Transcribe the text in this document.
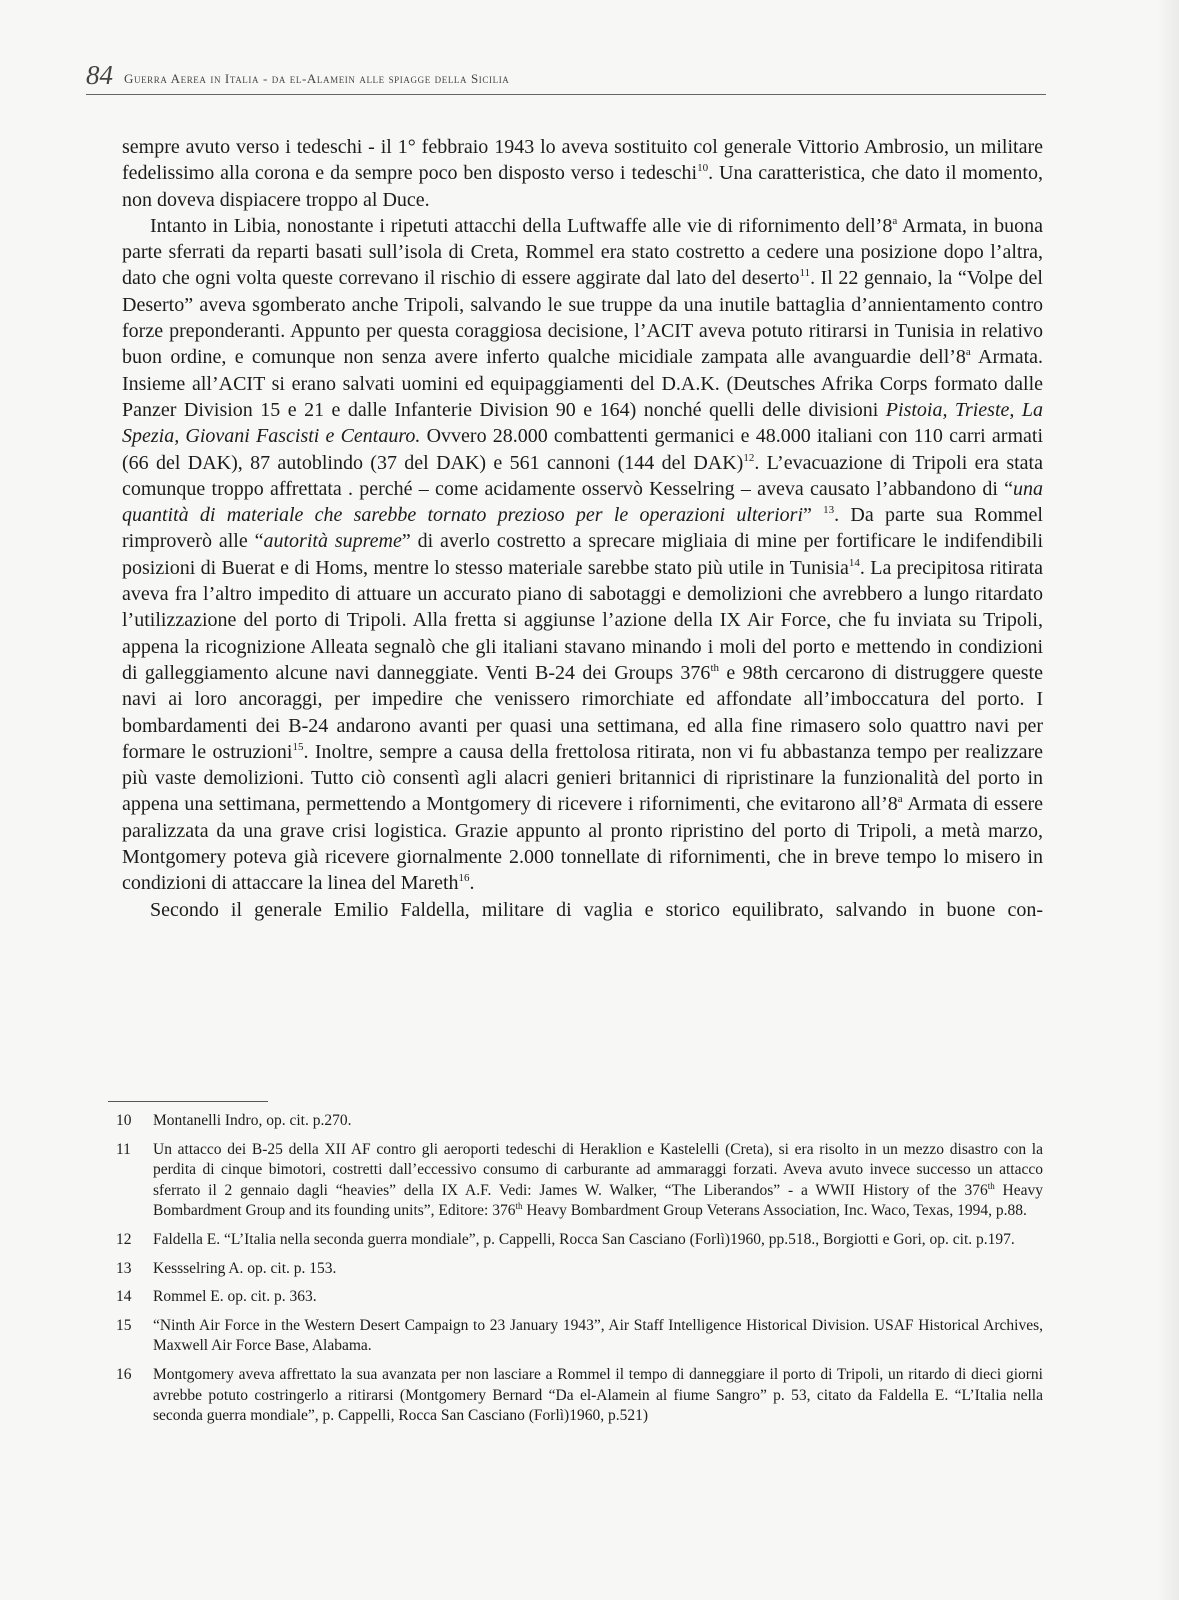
84 Guerra Aerea in Italia - da el-Alamein alle spiagge della Sicilia

sempre avuto verso i tedeschi - il 1° febbraio 1943 lo aveva sostituito col generale Vittorio Ambrosio, un militare fedelissimo alla corona e da sempre poco ben disposto verso i tedeschi$^{10}$. Una caratteristica, che dato il momento, non doveva dispiacere troppo al Duce.

Intanto in Libia, nonostante i ripetuti attacchi della Luftwaffe alle vie di rifornimento dell’8$^a$ Armata, in buona parte sferrati da reparti basati sull’isola di Creta, Rommel era stato costretto a cedere una posizione dopo l’altra, dato che ogni volta queste correvano il rischio di essere aggirate dal lato del deserto$^{11}$. Il 22 gennaio, la “Volpe del Deserto” aveva sgomberato anche Tripoli, salvando le sue truppe da una inutile battaglia d’annientamento contro forze preponderanti. Appunto per questa coraggiosa decisione, l’ACIT aveva potuto ritirarsi in Tunisia in relativo buon ordine, e comunque non senza avere inferto qualche micidiale zampata alle avanguardie dell’8$^a$ Armata. Insieme all’ACIT si erano salvati uomini ed equipaggiamenti del D.A.K. (Deutsches Afrika Corps formato dalle Panzer Division 15 e 21 e dalle Infanterie Division 90 e 164) nonché quelli delle divisioni Pistoia, Trieste, La Spezia, Giovani Fascisti e Centauro. Ovvero 28.000 combattenti germanici e 48.000 italiani con 110 carri armati (66 del DAK), 87 autoblindo (37 del DAK) e 561 cannoni (144 del DAK)$^{12}$. L’evacuazione di Tripoli era stata comunque troppo affrettata . perché – come acidamente osservò Kesselring – aveva causato l’abbandono di “una quantità di materiale che sarebbe tornato prezioso per le operazioni ulteriori” $^{13}$. Da parte sua Rommel rimproverò alle “autorità supreme” di averlo costretto a sprecare migliaia di mine per fortificare le indifendibili posizioni di Buerat e di Homs, mentre lo stesso materiale sarebbe stato più utile in Tunisia$^{14}$. La precipitosa ritirata aveva fra l’altro impedito di attuare un accurato piano di sabotaggi e demolizioni che avrebbero a lungo ritardato l’utilizzazione del porto di Tripoli. Alla fretta si aggiunse l’azione della IX Air Force, che fu inviata su Tripoli, appena la ricognizione Alleata segnalò che gli italiani stavano minando i moli del porto e mettendo in condizioni di galleggiamento alcune navi danneggiate. Venti B-24 dei Groups 376th e 98th cercarono di distruggere queste navi ai loro ancoraggi, per impedire che venissero rimorchiate ed affondate all’imboccatura del porto. I bombardamenti dei B-24 andarono avanti per quasi una settimana, ed alla fine rimasero solo quattro navi per formare le ostruzioni$^{15}$. Inoltre, sempre a causa della frettolosa ritirata, non vi fu abbastanza tempo per realizzare più vaste demolizioni. Tutto ciò consentì agli alacri genieri britannici di ripristinare la funzionalità del porto in appena una settimana, permettendo a Montgomery di ricevere i rifornimenti, che evitarono all’8$^a$ Armata di essere paralizzata da una grave crisi logistica. Grazie appunto al pronto ripristino del porto di Tripoli, a metà marzo, Montgomery poteva già ricevere giornalmente 2.000 tonnellate di rifornimenti, che in breve tempo lo misero in condizioni di attaccare la linea del Mareth$^{16}$.

Secondo il generale Emilio Faldella, militare di vaglia e storico equilibrato, salvando in buone con-

10 Montanelli Indro, op. cit. p.270.

11 Un attacco dei B-25 della XII AF contro gli aeroporti tedeschi di Heraklion e Kastelelli (Creta), si era risolto in un mezzo disastro con la perdita di cinque bimotori, costretti dall’eccessivo consumo di carburante ad ammaraggi forzati. Aveva avuto invece successo un attacco sferrato il 2 gennaio dagli “heavies” della IX A.F. Vedi: James W. Walker, “The Liberandos” - a WWII History of the 376th Heavy Bombardment Group and its founding units”, Editore: 376th Heavy Bombardment Group Veterans Association, Inc. Waco, Texas, 1994, p.88.

12 Faldella E. “L’Italia nella seconda guerra mondiale”, p. Cappelli, Rocca San Casciano (Forlì)1960, pp.518., Borgiotti e Gori, op. cit. p.197.

13 Kessselring A. op. cit. p. 153.

14 Rommel E. op. cit. p. 363.

15 “Ninth Air Force in the Western Desert Campaign to 23 January 1943”, Air Staff Intelligence Historical Division. USAF Historical Archives, Maxwell Air Force Base, Alabama.

16 Montgomery aveva affrettato la sua avanzata per non lasciare a Rommel il tempo di danneggiare il porto di Tripoli, un ritardo di dieci giorni avrebbe potuto costringerlo a ritirarsi (Montgomery Bernard “Da el-Alamein al fiume Sangro” p. 53, citato da Faldella E. “L’Italia nella seconda guerra mondiale”, p. Cappelli, Rocca San Casciano (Forlì)1960, p.521)
